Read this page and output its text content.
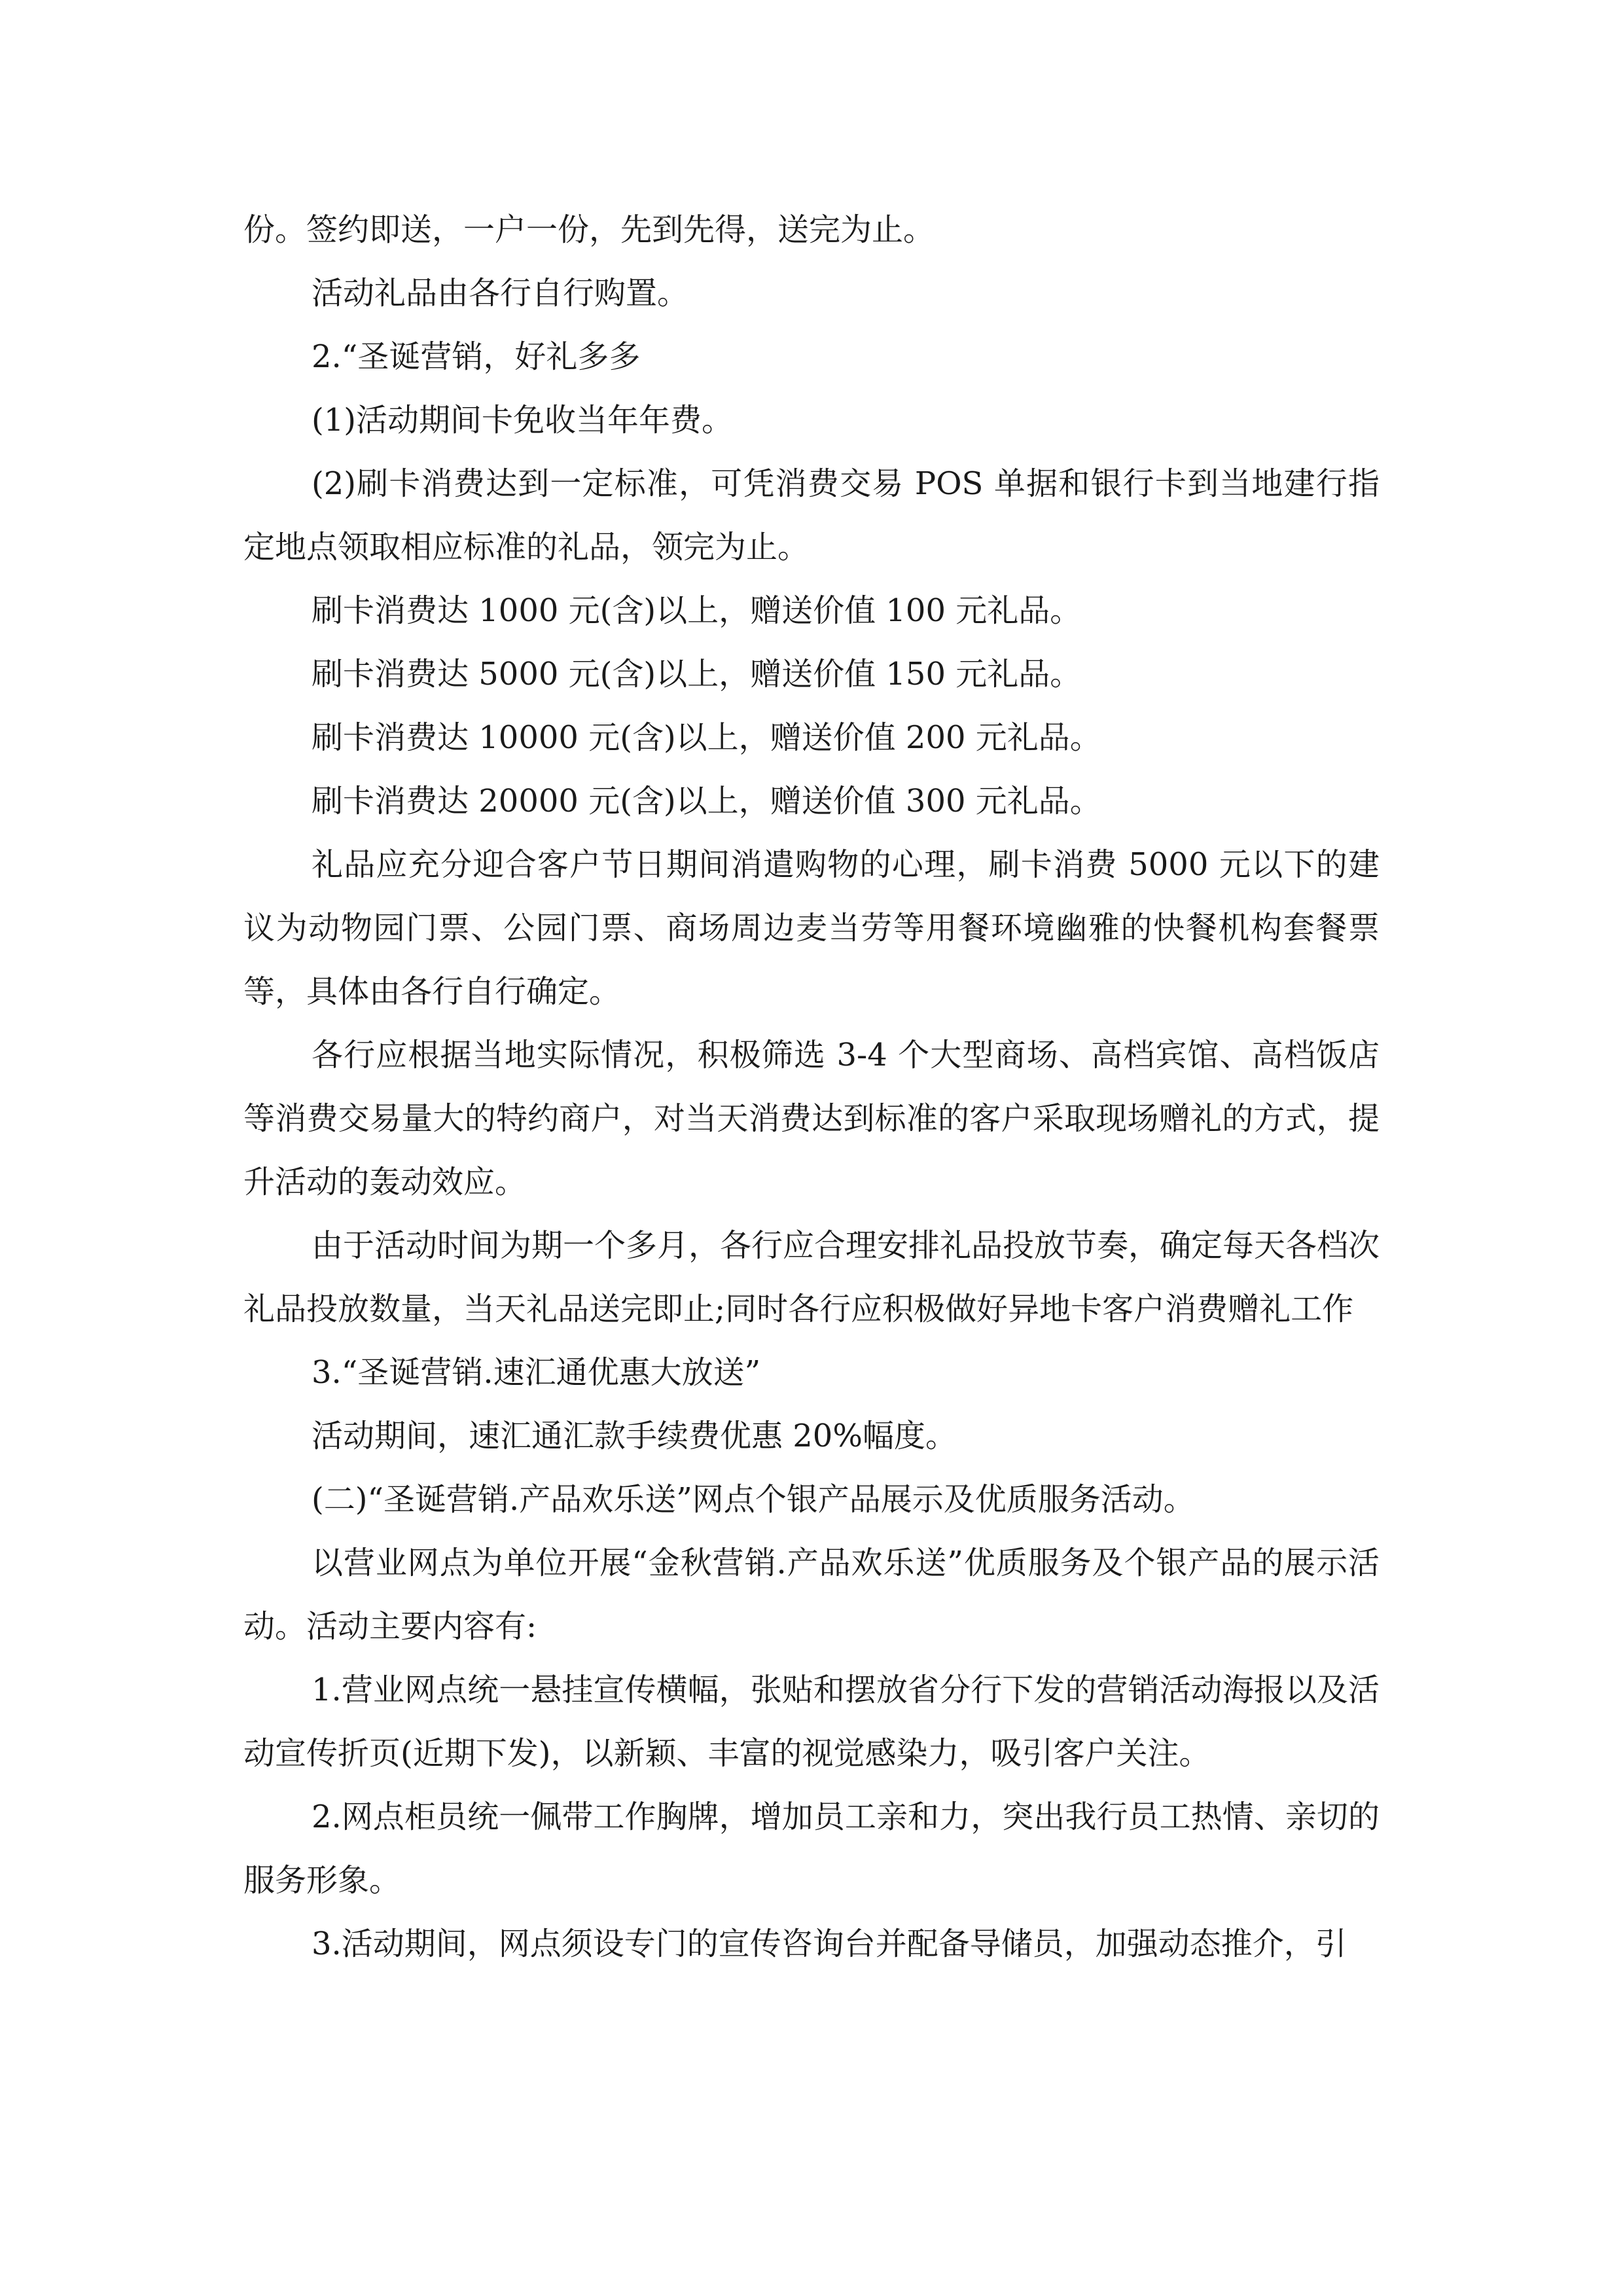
份。签约即送，一户一份，先到先得，送完为止。

活动礼品由各行自行购置。

2.“圣诞营销，好礼多多

(1)活动期间卡免收当年年费。

(2)刷卡消费达到一定标准，可凭消费交易 POS 单据和银行卡到当地建行指定地点领取相应标准的礼品，领完为止。

刷卡消费达 1000 元(含)以上，赠送价值 100 元礼品。

刷卡消费达 5000 元(含)以上，赠送价值 150 元礼品。

刷卡消费达 10000 元(含)以上，赠送价值 200 元礼品。

刷卡消费达 20000 元(含)以上，赠送价值 300 元礼品。

礼品应充分迎合客户节日期间消遣购物的心理，刷卡消费 5000 元以下的建议为动物园门票、公园门票、商场周边麦当劳等用餐环境幽雅的快餐机构套餐票等，具体由各行自行确定。

各行应根据当地实际情况，积极筛选 3-4 个大型商场、高档宾馆、高档饭店等消费交易量大的特约商户，对当天消费达到标准的客户采取现场赠礼的方式，提升活动的轰动效应。

由于活动时间为期一个多月，各行应合理安排礼品投放节奏，确定每天各档次礼品投放数量，当天礼品送完即止;同时各行应积极做好异地卡客户消费赠礼工作

3.“圣诞营销.速汇通优惠大放送”

活动期间，速汇通汇款手续费优惠 20%幅度。

(二)“圣诞营销.产品欢乐送”网点个银产品展示及优质服务活动。

以营业网点为单位开展“金秋营销.产品欢乐送”优质服务及个银产品的展示活动。活动主要内容有:

1.营业网点统一悬挂宣传横幅，张贴和摆放省分行下发的营销活动海报以及活动宣传折页(近期下发)，以新颖、丰富的视觉感染力，吸引客户关注。

2.网点柜员统一佩带工作胸牌，增加员工亲和力，突出我行员工热情、亲切的服务形象。

3.活动期间，网点须设专门的宣传咨询台并配备导储员，加强动态推介，引
